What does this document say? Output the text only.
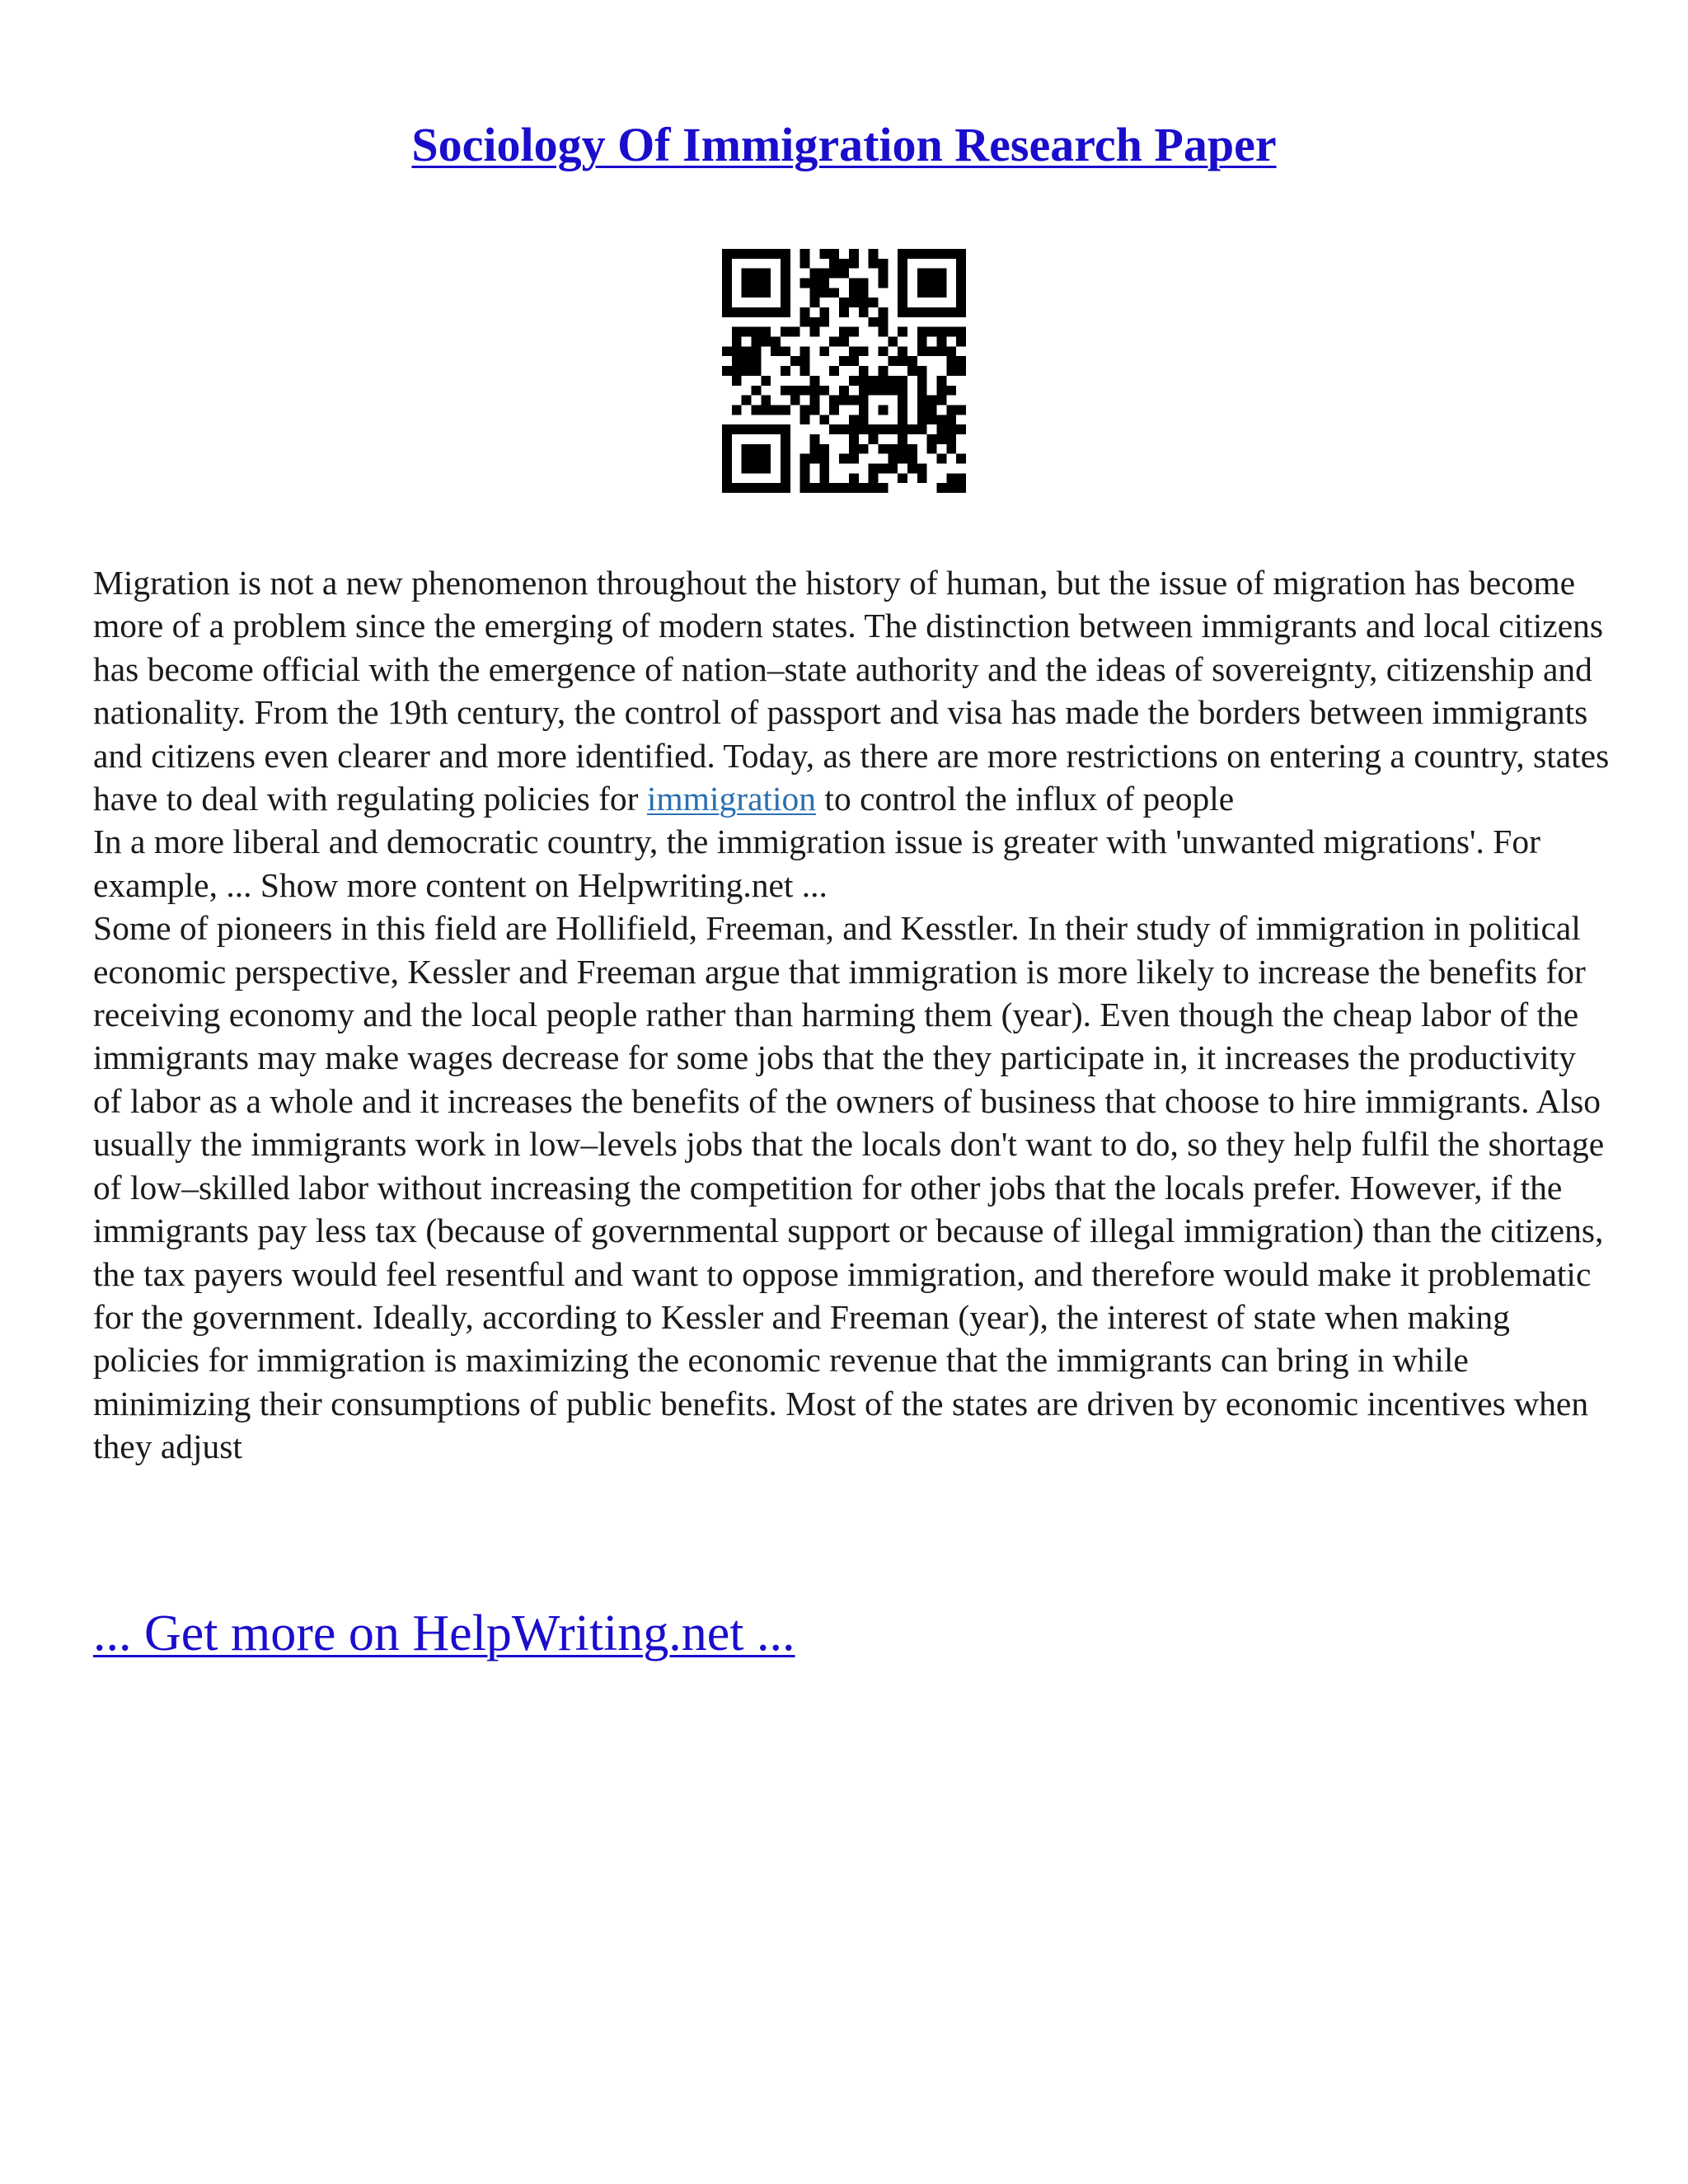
Sociology Of Immigration Research Paper

Migration is not a new phenomenon throughout the history of human, but the issue of migration has become more of a problem since the emerging of modern states. The distinction between immigrants and local citizens has become official with the emergence of nation–state authority and the ideas of sovereignty, citizenship and nationality. From the 19th century, the control of passport and visa has made the borders between immigrants and citizens even clearer and more identified. Today, as there are more restrictions on entering a country, states have to deal with regulating policies for immigration to control the influx of people

In a more liberal and democratic country, the immigration issue is greater with 'unwanted migrations'. For example, ... Show more content on Helpwriting.net ...

Some of pioneers in this field are Hollifield, Freeman, and Kesstler. In their study of immigration in political economic perspective, Kessler and Freeman argue that immigration is more likely to increase the benefits for receiving economy and the local people rather than harming them (year). Even though the cheap labor of the immigrants may make wages decrease for some jobs that the they participate in, it increases the productivity of labor as a whole and it increases the benefits of the owners of business that choose to hire immigrants. Also usually the immigrants work in low–levels jobs that the locals don't want to do, so they help fulfil the shortage of low–skilled labor without increasing the competition for other jobs that the locals prefer. However, if the immigrants pay less tax (because of governmental support or because of illegal immigration) than the citizens, the tax payers would feel resentful and want to oppose immigration, and therefore would make it problematic for the government. Ideally, according to Kessler and Freeman (year), the interest of state when making policies for immigration is maximizing the economic revenue that the immigrants can bring in while minimizing their consumptions of public benefits. Most of the states are driven by economic incentives when they adjust

... Get more on HelpWriting.net ...
